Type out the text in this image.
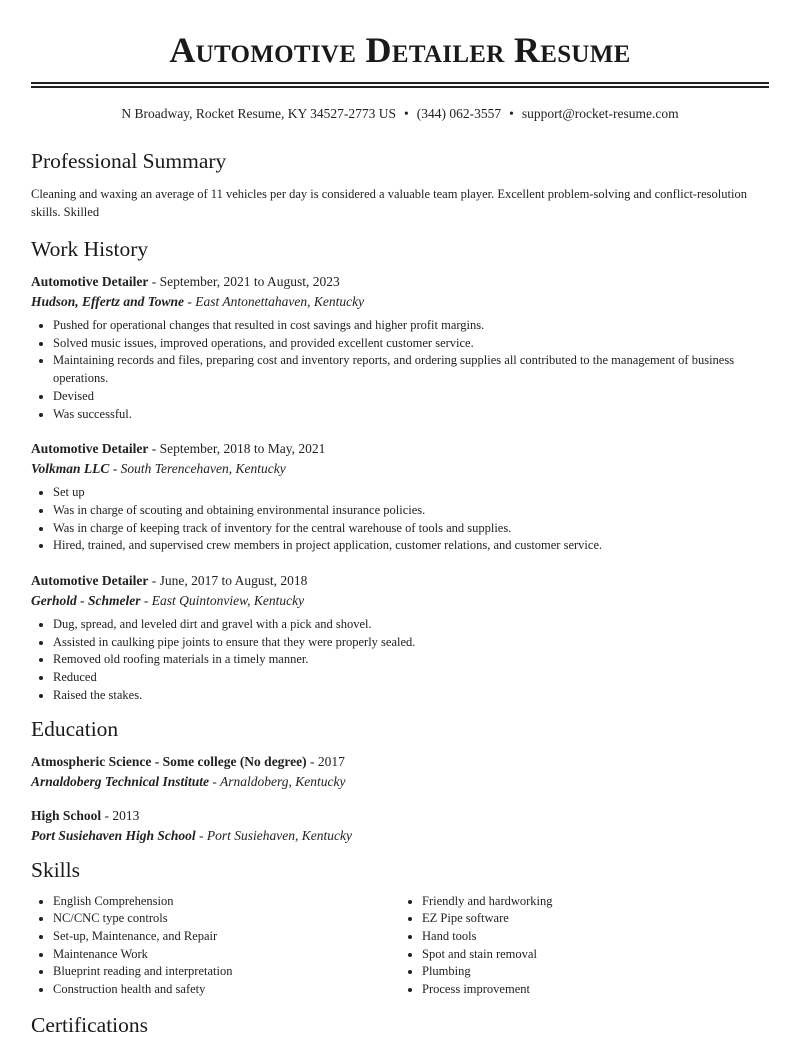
Automotive Detailer Resume
N Broadway, Rocket Resume, KY 34527-2773 US • (344) 062-3557 • support@rocket-resume.com
Professional Summary
Cleaning and waxing an average of 11 vehicles per day is considered a valuable team player. Excellent problem-solving and conflict-resolution skills. Skilled
Work History
Automotive Detailer - September, 2021 to August, 2023
Hudson, Effertz and Towne - East Antonettahaven, Kentucky
• Pushed for operational changes that resulted in cost savings and higher profit margins.
• Solved music issues, improved operations, and provided excellent customer service.
• Maintaining records and files, preparing cost and inventory reports, and ordering supplies all contributed to the management of business operations.
• Devised
• Was successful.
Automotive Detailer - September, 2018 to May, 2021
Volkman LLC - South Terencehaven, Kentucky
• Set up
• Was in charge of scouting and obtaining environmental insurance policies.
• Was in charge of keeping track of inventory for the central warehouse of tools and supplies.
• Hired, trained, and supervised crew members in project application, customer relations, and customer service.
Automotive Detailer - June, 2017 to August, 2018
Gerhold - Schmeler - East Quintonview, Kentucky
• Dug, spread, and leveled dirt and gravel with a pick and shovel.
• Assisted in caulking pipe joints to ensure that they were properly sealed.
• Removed old roofing materials in a timely manner.
• Reduced
• Raised the stakes.
Education
Atmospheric Science - Some college (No degree) - 2017
Arnaldoberg Technical Institute - Arnaldoberg, Kentucky
High School - 2013
Port Susiehaven High School - Port Susiehaven, Kentucky
Skills
• English Comprehension
• NC/CNC type controls
• Set-up, Maintenance, and Repair
• Maintenance Work
• Blueprint reading and interpretation
• Construction health and safety
• Friendly and hardworking
• EZ Pipe software
• Hand tools
• Spot and stain removal
• Plumbing
• Process improvement
Certifications
